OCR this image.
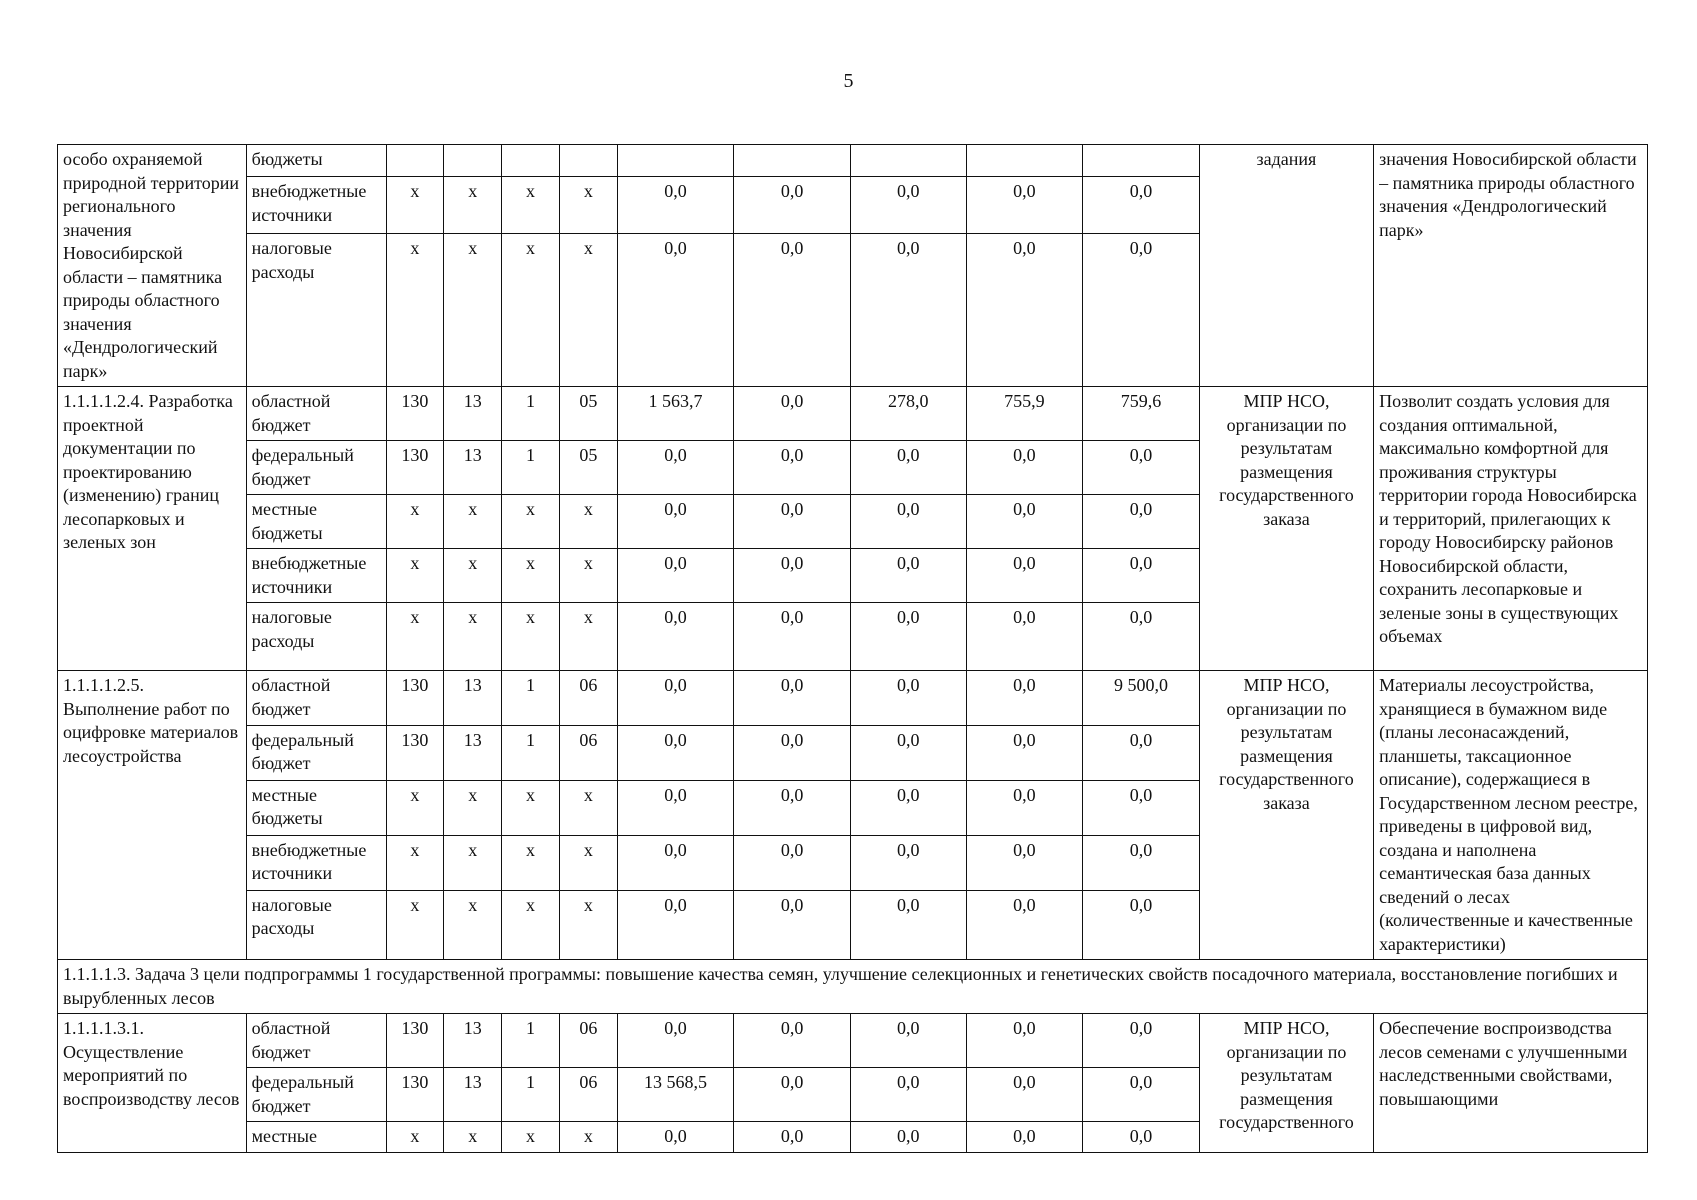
5
особо охраняемой природной территории регионального значения Новосибирской области – памятника природы областного значения «Дендрологический парк»	бюджеты										задания	значения Новосибирской области – памятника природы областного значения «Дендрологический парк»
	внебюджетные источники	х	х	х	х	0,0	0,0	0,0	0,0	0,0		
	налоговые расходы	х	х	х	х	0,0	0,0	0,0	0,0	0,0		
1.1.1.1.2.4. Разработка проектной документации по проектированию (изменению) границ лесопарковых и зеленых зон	областной бюджет	130	13	1	05	1 563,7	0,0	278,0	755,9	759,6	МПР НСО, организации по результатам размещения государственного заказа	Позволит создать условия для создания оптимальной, максимально комфортной для проживания структуры территории города Новосибирска и территорий, прилегающих к городу Новосибирску районов Новосибирской области, сохранить лесопарковые и зеленые зоны в существующих объемах
	федеральный бюджет	130	13	1	05	0,0	0,0	0,0	0,0	0,0		
	местные бюджеты	х	х	х	х	0,0	0,0	0,0	0,0	0,0		
	внебюджетные источники	х	х	х	х	0,0	0,0	0,0	0,0	0,0		
	налоговые расходы	х	х	х	х	0,0	0,0	0,0	0,0	0,0		
1.1.1.1.2.5. Выполнение работ по оцифровке материалов лесоустройства	областной бюджет	130	13	1	06	0,0	0,0	0,0	0,0	9 500,0	МПР НСО, организации по результатам размещения государственного заказа	Материалы лесоустройства, хранящиеся в бумажном виде (планы лесонасаждений, планшеты, таксационное описание), содержащиеся в Государственном лесном реестре, приведены в цифровой вид, создана и наполнена семантическая база данных сведений о лесах (количественные и качественные характеристики)
	федеральный бюджет	130	13	1	06	0,0	0,0	0,0	0,0	0,0		
	местные бюджеты	х	х	х	х	0,0	0,0	0,0	0,0	0,0		
	внебюджетные источники	х	х	х	х	0,0	0,0	0,0	0,0	0,0		
	налоговые расходы	х	х	х	х	0,0	0,0	0,0	0,0	0,0		
1.1.1.1.3. Задача 3 цели подпрограммы 1 государственной программы: повышение качества семян, улучшение селекционных и генетических свойств посадочного материала, восстановление погибших и вырубленных лесов												
1.1.1.1.3.1. Осуществление мероприятий по воспроизводству лесов	областной бюджет	130	13	1	06	0,0	0,0	0,0	0,0	0,0	МПР НСО, организации по результатам размещения государственного	Обеспечение воспроизводства лесов семенами с улучшенными наследственными свойствами, повышающими
	федеральный бюджет	130	13	1	06	13 568,5	0,0	0,0	0,0	0,0		
	местные	х	х	х	х	0,0	0,0	0,0	0,0	0,0		
